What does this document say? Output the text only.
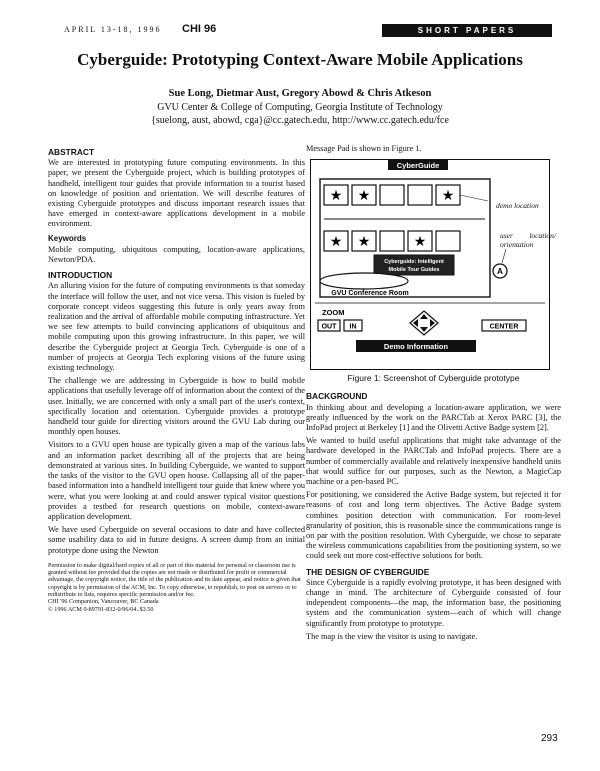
APRIL 13-18, 1996 CHI 96	SHORT PAPERS
Cyberguide: Prototyping Context-Aware Mobile Applications
Sue Long, Dietmar Aust, Gregory Abowd & Chris Atkeson
GVU Center & College of Computing, Georgia Institute of Technology
{suelong, aust, abowd, cga}@cc.gatech.edu, http://www.cc.gatech.edu/fce
ABSTRACT

We are interested in prototyping future computing environments. In this paper, we present the Cyberguide project, which is building prototypes of handheld, intelligent tour guides that provide information to a tourist based on knowledge of position and orientation. We will describe features of existing Cyberguide prototypes and discuss important research issues that have emerged in context-aware applications development in a mobile environment.

Keywords

Mobile computing, ubiquitous computing, location-aware applications, Newton/PDA.

INTRODUCTION

An alluring vision for the future of computing environments is that someday the interface will follow the user, and not vice versa. This vision is fueled by corporate concept videos suggesting this future is only years away from realization and the arrival of affordable mobile computing infrastructure. Yet we see few attempts to build convincing applications of ubiquitous and mobile computing upon this growing infrastructure. In this paper, we will describe the Cyberguide project at Georgia Tech. Cyberguide is one of a number of projects at Georgia Tech exploring visions of the future using existing technology.

The challenge we are addressing in Cyberguide is how to build mobile applications that usefully leverage off of information about the context of the user. Initially, we are concerned with only a small part of the user's context, specifically location and orientation. Cyberguide provides a prototype handheld tour guide for directing visitors around the GVU Lab during our monthly open houses.

Visitors to a GVU open house are typically given a map of the various labs and an information packet describing all of the projects that are being demonstrated at various sites. In building Cyberguide, we wanted to support the tasks of the visitor to the GVU open house. Collapsing all of the paper-based information into a handheld intelligent tour guide that knew where you were, what you were looking at and could answer typical visitor questions provides a testbed for research questions on mobile, context-aware application development.

We have used Cyberguide on several occasions to date and have collected some usability data to aid in future designs. A screen dump from an initial prototype done using the Newton

Permission to make digital/hard copies of all or part of this material for personal or classroom use is granted without fee provided that the copies are not made or distributed for profit or commercial advantage, the copyright notice, the title of the publication and its date appear, and notice is given that copyright is by permission of the ACM, Inc. To copy otherwise, to republish, to post on servers or to redistribute to lists, requires specific permission and/or fee.
CHI '96 Companion, Vancouver, BC Canada
© 1996 ACM 0-89791-832-0/96/04..$3.50

Message Pad is shown in Figure 1.

CyberGuide
★ ★	★
★ ★	★
Cyberguide: Intelligent
Mobile Tour Guides
GVU Conference Room
A
ZOOM
OUT IN	CENTER
Demo Information
demo location
user location/ orientation
Figure 1: Screenshot of Cyberguide prototype
BACKGROUND

In thinking about and developing a location-aware application, we were greatly influenced by the work on the PARCTab at Xerox PARC [3], the InfoPad project at Berkeley [1] and the Olivetti Active Badge system [2].

We wanted to build useful applications that might take advantage of the hardware developed in the PARCTab and InfoPad projects. There are a number of commercially available and relatively inexpensive handheld units that would suffice for our purposes, such as the Newton, a MagicCap machine or a pen-based PC.

For positioning, we considered the Active Badge system, but rejected it for reasons of cost and long term objectives. The Active Badge system combines position detection with communication. For room-level granularity of position, this is reasonable since the communications range is on par with the position resolution. With Cyberguide, we chose to separate the wireless communications capabilities from the positioning system, so we could seek out more cost-effective solutions for both.

THE DESIGN OF CYBERGUIDE

Since Cyberguide is a rapidly evolving prototype, it has been designed with change in mind. The architecture of Cyberguide consisted of four independent components—the map, the information base, the positioning system and the communication system—each of which will change significantly from prototype to prototype.

The map is the view the visitor is using to navigate.

293
